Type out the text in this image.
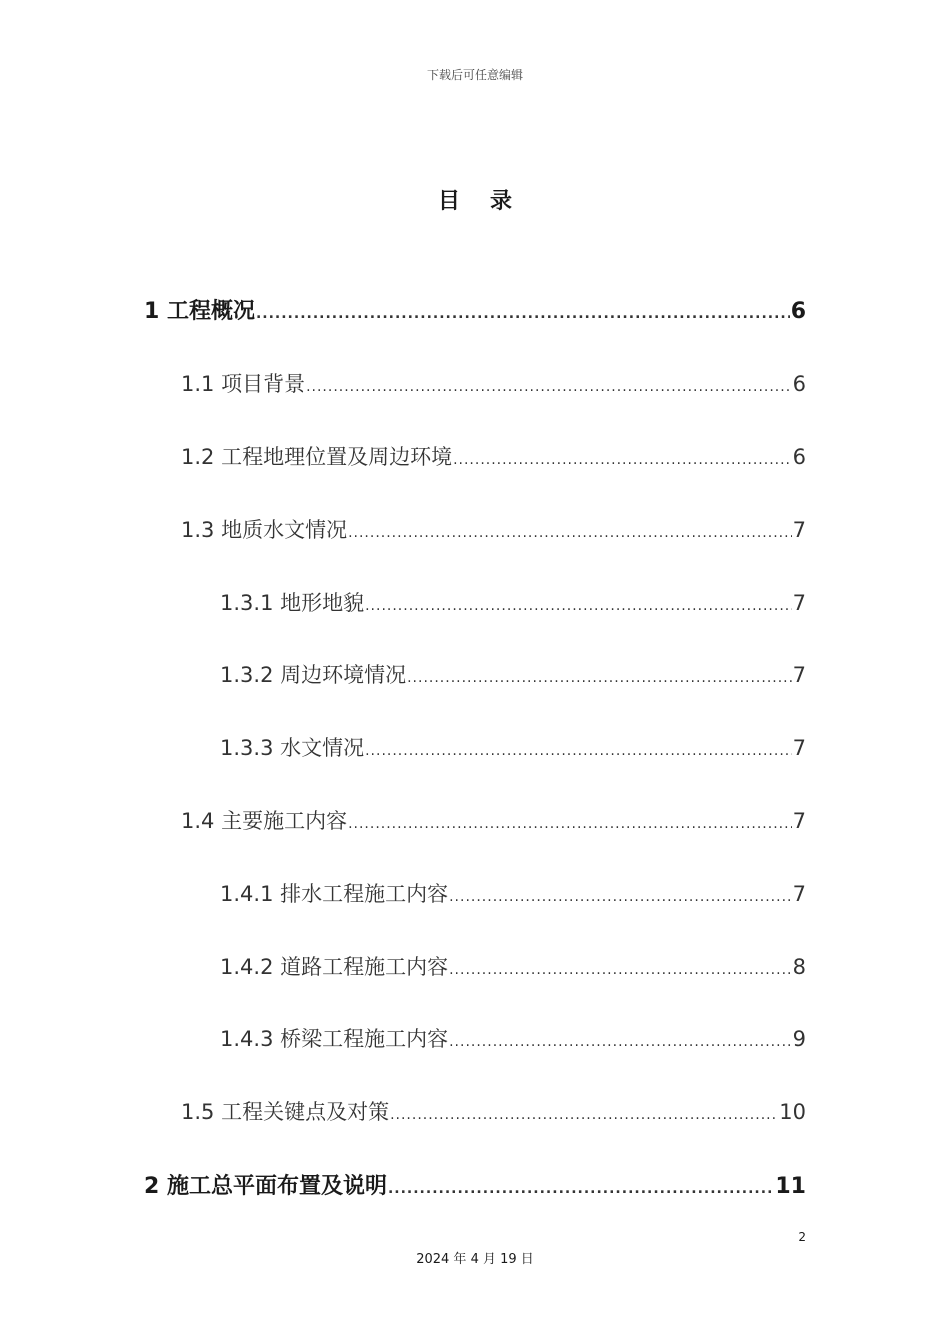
下载后可任意编辑
目录
1 工程概况 .....	6
1.1 项目背景 .....	6
1.2 工程地理位置及周边环境 .....	6
1.3 地质水文情况 .....	7
1.3.1 地形地貌 .....	7
1.3.2 周边环境情况 .....	7
1.3.3 水文情况 .....	7
1.4 主要施工内容 .....	7
1.4.1 排水工程施工内容 .....	7
1.4.2 道路工程施工内容 .....	8
1.4.3 桥梁工程施工内容 .....	9
1.5 工程关键点及对策 .....	10
2 施工总平面布置及说明 .....	11
2
2024 年 4 月 19 日
